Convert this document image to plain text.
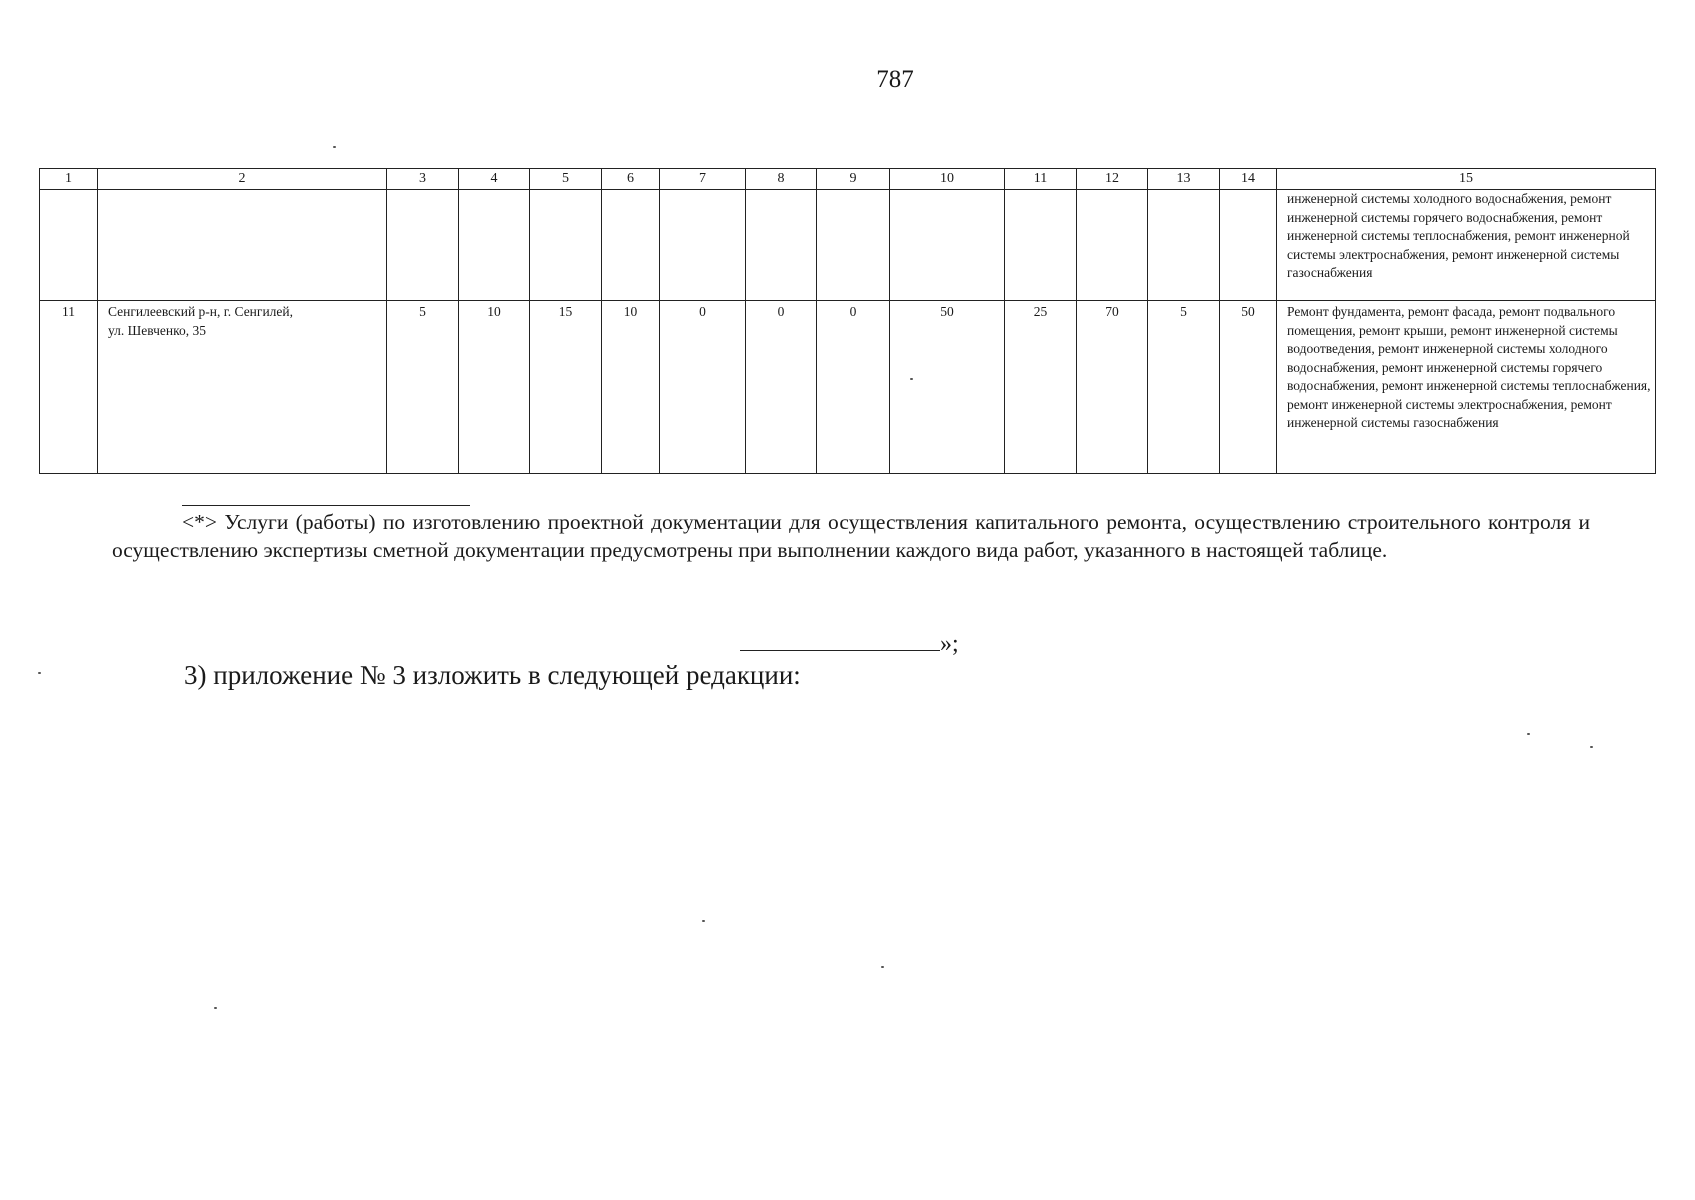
787
1	2	3	4	5	6	7	8	9	10	11	12	13	14	15
														инженерной системы холодного водоснабжения, ремонт инженерной системы горячего водоснабжения, ремонт инженерной системы теплоснабжения, ремонт инженерной системы электроснабжения, ремонт инженерной системы газоснабжения
11	Сенгилеевский р-н, г. Сенгилей,
ул. Шевченко, 35	5	10	15	10	0	0	0	50	25	70	5	50	Ремонт фундамента, ремонт фасада, ремонт подвального помещения, ремонт крыши, ремонт инженерной системы водоотведения, ремонт инженерной системы холодного водоснабжения, ремонт инженерной системы горячего водоснабжения, ремонт инженерной системы теплоснабжения, ремонт инженерной системы электроснабжения, ремонт инженерной системы газоснабжения
<*> Услуги (работы) по изготовлению проектной документации для осуществления капитального ремонта, осуществлению строительного контроля и осуществлению экспертизы сметной документации предусмотрены при выполнении каждого вида работ, указанного в настоящей таблице.
»;
3) приложение № 3 изложить в следующей редакции:
